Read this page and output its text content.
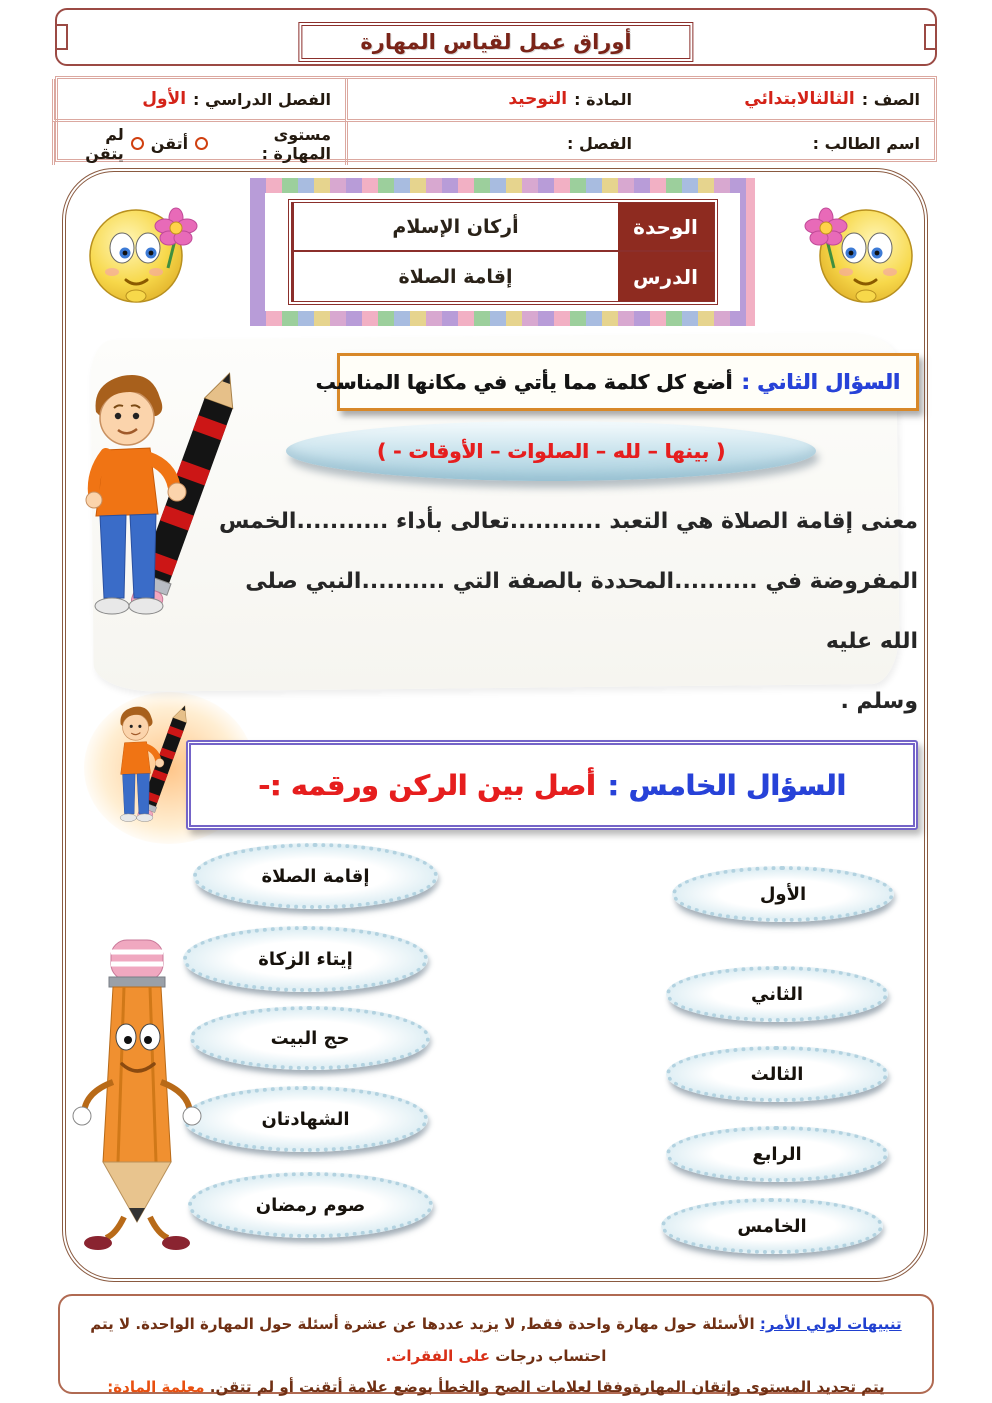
أوراق عمل لقياس المهارة
الصف :
الثالثالابتدائي
المادة :
التوحيد
الفصل الدراسي :
الأول
اسم الطالب :
الفصل :
مستوى المهارة :
أتقن
لم يتقن
الوحدة
أركان الإسلام
الدرس
إقامة الصلاة
السؤال الثاني :
أضع كل كلمة مما يأتي في مكانها المناسب
( بينها – لله – الصلوات – الأوقات - )
معنى إقامة الصلاة هي التعبد ...........تعالى بأداء ...........الخمس
المفروضة في ..........المحددة بالصفة التي ..........النبي صلى الله عليه
وسلم .
السؤال الخامس :
أصل بين الركن ورقمه :-
إقامة الصلاة
إيتاء الزكاة
حج البيت
الشهادتان
صوم رمضان
الأول
الثاني
الثالث
الرابع
الخامس
تنبيهات لولي الأمر: الأسئلة حول مهارة واحدة فقط, لا يزيد عددها عن عشرة أسئلة حول المهارة الواحدة. لا يتم احتساب درجات على الفقرات.
يتم تحديد المستوى وإتقان المهارةوفقا لعلامات الصح والخطأ بوضع علامة أتقنت أو لم تتقن. معلمة المادة:
